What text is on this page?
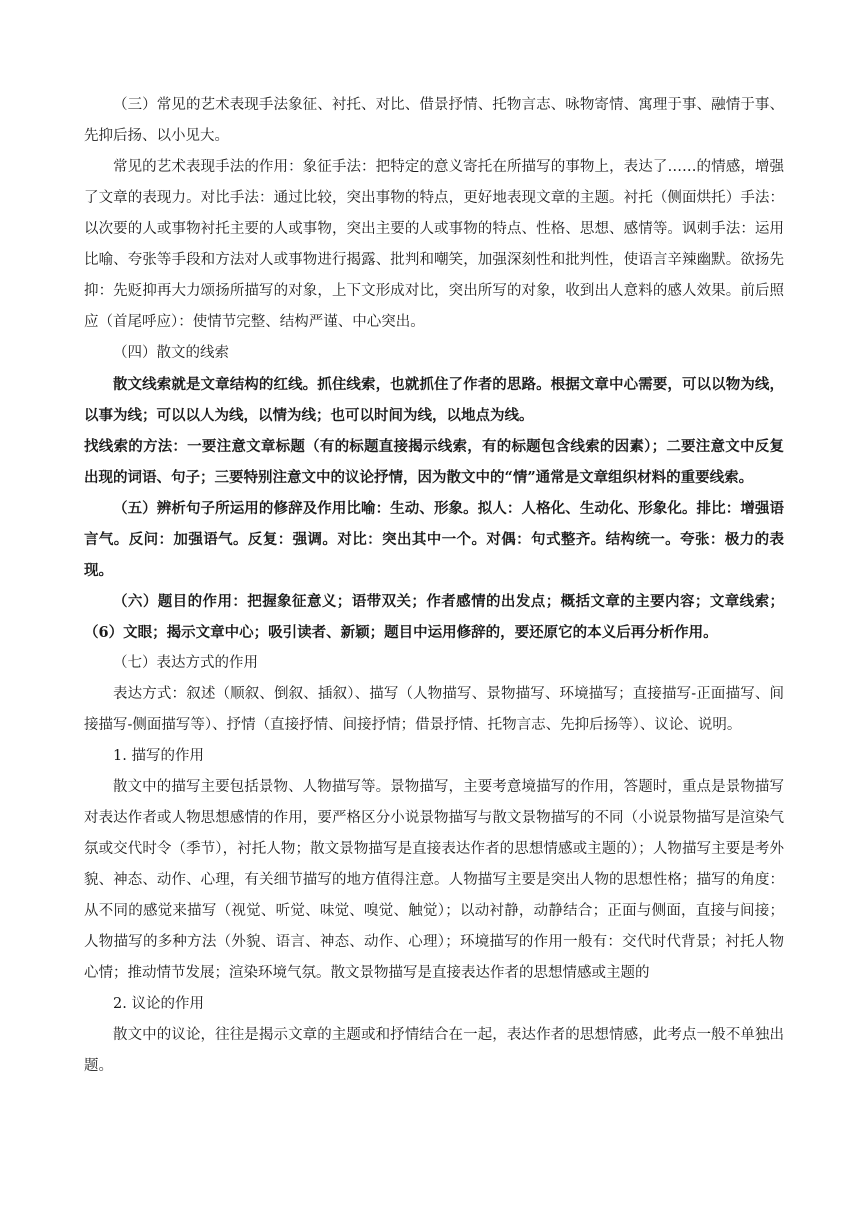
（三）常见的艺术表现手法象征、衬托、对比、借景抒情、托物言志、咏物寄情、寓理于事、融情于事、先抑后扬、以小见大。

常见的艺术表现手法的作用：象征手法：把特定的意义寄托在所描写的事物上，表达了……的情感，增强了文章的表现力。对比手法：通过比较，突出事物的特点，更好地表现文章的主题。衬托（侧面烘托）手法：以次要的人或事物衬托主要的人或事物，突出主要的人或事物的特点、性格、思想、感情等。讽刺手法：运用比喻、夸张等手段和方法对人或事物进行揭露、批判和嘲笑，加强深刻性和批判性，使语言辛辣幽默。欲扬先抑：先贬抑再大力颂扬所描写的对象，上下文形成对比，突出所写的对象，收到出人意料的感人效果。前后照应（首尾呼应）：使情节完整、结构严谨、中心突出。

（四）散文的线索

散文线索就是文章结构的红线。抓住线索，也就抓住了作者的思路。根据文章中心需要，可以以物为线，以事为线；可以以人为线，以情为线；也可以时间为线，以地点为线。

找线索的方法：一要注意文章标题（有的标题直接揭示线索，有的标题包含线索的因素）；二要注意文中反复出现的词语、句子；三要特别注意文中的议论抒情，因为散文中的“情”通常是文章组织材料的重要线索。

（五）辨析句子所运用的修辞及作用比喻：生动、形象。拟人：人格化、生动化、形象化。排比：增强语言气。反问：加强语气。反复：强调。对比：突出其中一个。对偶：句式整齐。结构统一。夸张：极力的表现。

（六）题目的作用：把握象征意义；语带双关；作者感情的出发点；概括文章的主要内容；文章线索；（6）文眼；揭示文章中心；吸引读者、新颖；题目中运用修辞的，要还原它的本义后再分析作用。

（七）表达方式的作用

表达方式：叙述（顺叙、倒叙、插叙）、描写（人物描写、景物描写、环境描写；直接描写-正面描写、间接描写-侧面描写等）、抒情（直接抒情、间接抒情；借景抒情、托物言志、先抑后扬等）、议论、说明。

1. 描写的作用

散文中的描写主要包括景物、人物描写等。景物描写，主要考意境描写的作用，答题时，重点是景物描写对表达作者或人物思想感情的作用，要严格区分小说景物描写与散文景物描写的不同（小说景物描写是渲染气氛或交代时令（季节），衬托人物；散文景物描写是直接表达作者的思想情感或主题的）；人物描写主要是考外貌、神态、动作、心理，有关细节描写的地方值得注意。人物描写主要是突出人物的思想性格；描写的角度：从不同的感觉来描写（视觉、听觉、味觉、嗅觉、触觉）；以动衬静，动静结合；正面与侧面，直接与间接；人物描写的多种方法（外貌、语言、神态、动作、心理）；环境描写的作用一般有：交代时代背景；衬托人物心情；推动情节发展；渲染环境气氛。散文景物描写是直接表达作者的思想情感或主题的

2. 议论的作用

散文中的议论，往往是揭示文章的主题或和抒情结合在一起，表达作者的思想情感，此考点一般不单独出题。
